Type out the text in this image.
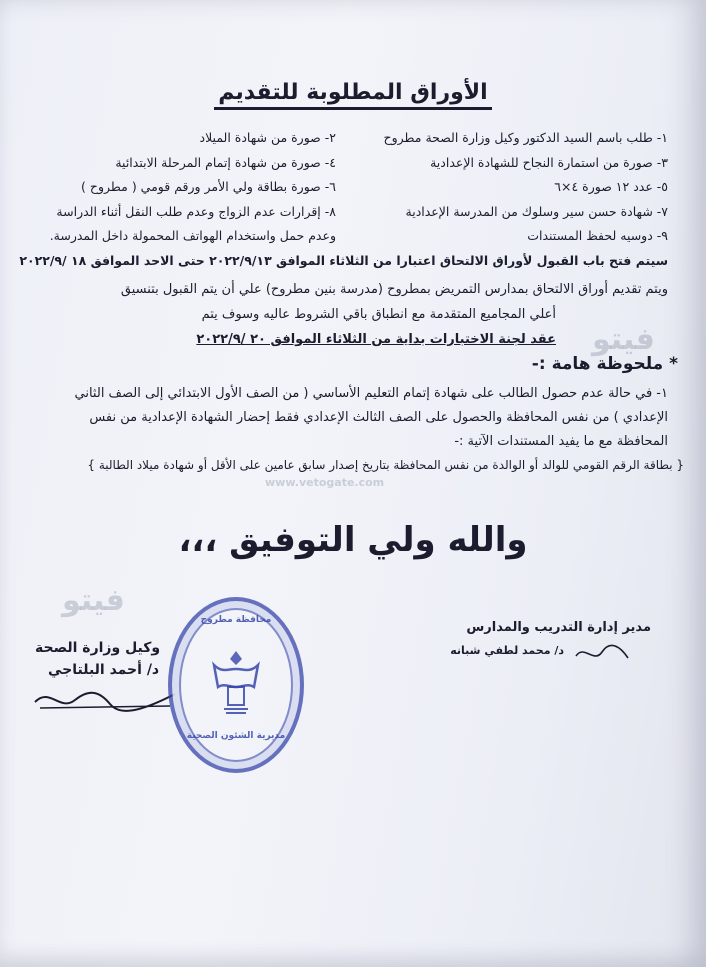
الأوراق المطلوبة للتقديم
١- طلب باسم السيد الدكتور وكيل وزارة الصحة مطروح
٣- صورة من استمارة النجاح للشهادة الإعدادية
٥- عدد ١٢ صورة ٤×٦
٧- شهادة حسن سير وسلوك من المدرسة الإعدادية
٩- دوسيه لحفظ المستندات
٢- صورة من شهادة الميلاد
٤- صورة من شهادة إتمام المرحلة الابتدائية
٦- صورة بطاقة ولي الأمر ورقم قومي ( مطروح )
٨- إقرارات عدم الزواج وعدم طلب النقل أثناء الدراسة
وعدم حمل واستخدام الهواتف المحمولة داخل المدرسة.
سيتم فتح باب القبول لأوراق الالتحاق اعتبارا من الثلاثاء الموافق ٢٠٢٢/٩/١٣ حتى الاحد الموافق ١٨ /٢٠٢٢/٩
ويتم تقديم أوراق الالتحاق بمدارس التمريض بمطروح (مدرسة بنين مطروح) علي أن يتم القبول بتنسيق
أعلي المجاميع المتقدمة مع انطباق باقي الشروط عاليه وسوف يتم
عقد لجنة الاختبارات بداية من الثلاثاء الموافق ٢٠ /٢٠٢٢/٩
* ملحوظة هامة :-
١- في حالة عدم حصول الطالب على شهادة إتمام التعليم الأساسي ( من الصف الأول الابتدائي إلى الصف الثاني
الإعدادي ) من نفس المحافظة والحصول على الصف الثالث الإعدادي فقط إحضار الشهادة الإعدادية من نفس
المحافظة مع ما يفيد المستندات الآتية :-
{ بطاقة الرقم القومي للوالد أو الوالدة من نفس المحافظة بتاريخ إصدار سابق عامين على الأقل أو شهادة ميلاد الطالبة }
والله ولي التوفيق ،،،
مدير إدارة التدريب والمدارس
د/ محمد لطفي شبانه
وكيل وزارة الصحة
د/ أحمد البلتاجي
محافظة مطروح
مديرية الشئون الصحية
فيتو
فيتو
www.vetogate.com
